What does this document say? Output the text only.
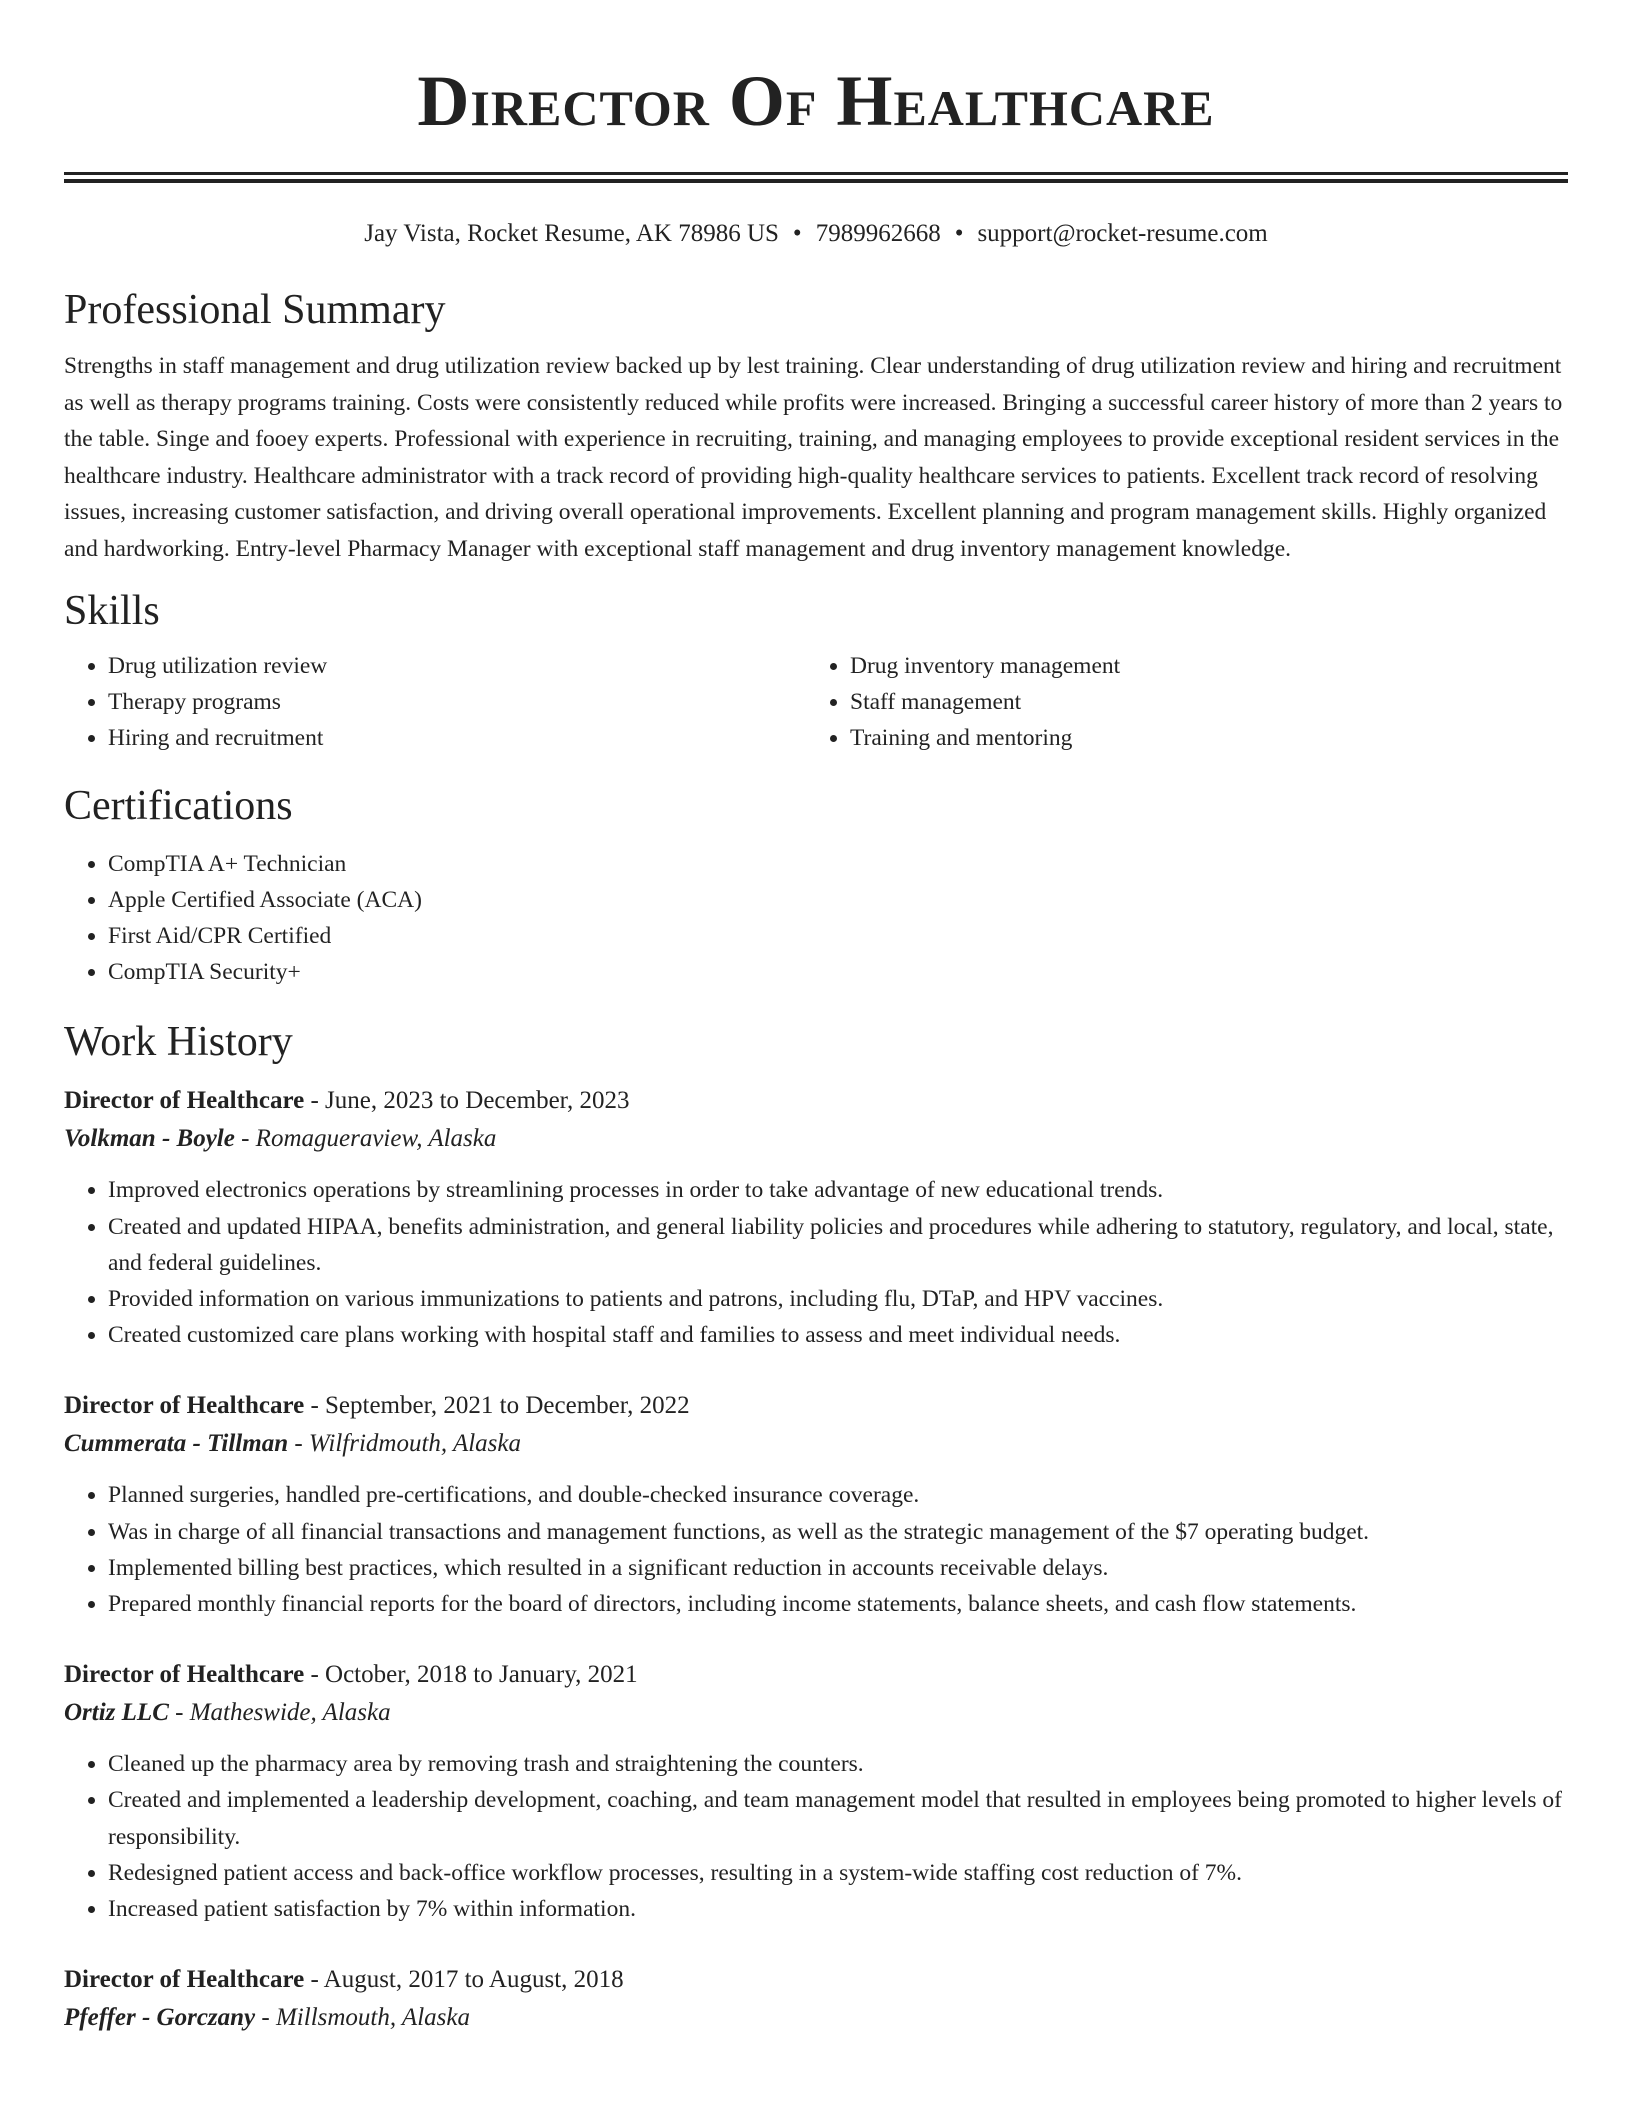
Director Of Healthcare
Jay Vista, Rocket Resume, AK 78986 US • 7989962668 • support@rocket-resume.com
Professional Summary

Strengths in staff management and drug utilization review backed up by lest training. Clear understanding of drug utilization review and hiring and recruitment as well as therapy programs training. Costs were consistently reduced while profits were increased. Bringing a successful career history of more than 2 years to the table. Singe and fooey experts. Professional with experience in recruiting, training, and managing employees to provide exceptional resident services in the healthcare industry. Healthcare administrator with a track record of providing high-quality healthcare services to patients. Excellent track record of resolving issues, increasing customer satisfaction, and driving overall operational improvements. Excellent planning and program management skills. Highly organized and hardworking. Entry-level Pharmacy Manager with exceptional staff management and drug inventory management knowledge.

Skills
• Drug utilization review
• Therapy programs
• Hiring and recruitment
• Drug inventory management
• Staff management
• Training and mentoring
Certifications
• CompTIA A+ Technician
• Apple Certified Associate (ACA)
• First Aid/CPR Certified
• CompTIA Security+
Work History
Director of Healthcare - June, 2023 to December, 2023
Volkman - Boyle - Romagueraview, Alaska
• Improved electronics operations by streamlining processes in order to take advantage of new educational trends.
• Created and updated HIPAA, benefits administration, and general liability policies and procedures while adhering to statutory, regulatory, and local, state, and federal guidelines.
• Provided information on various immunizations to patients and patrons, including flu, DTaP, and HPV vaccines.
• Created customized care plans working with hospital staff and families to assess and meet individual needs.
Director of Healthcare - September, 2021 to December, 2022
Cummerata - Tillman - Wilfridmouth, Alaska
• Planned surgeries, handled pre-certifications, and double-checked insurance coverage.
• Was in charge of all financial transactions and management functions, as well as the strategic management of the $7 operating budget.
• Implemented billing best practices, which resulted in a significant reduction in accounts receivable delays.
• Prepared monthly financial reports for the board of directors, including income statements, balance sheets, and cash flow statements.
Director of Healthcare - October, 2018 to January, 2021
Ortiz LLC - Matheswide, Alaska
• Cleaned up the pharmacy area by removing trash and straightening the counters.
• Created and implemented a leadership development, coaching, and team management model that resulted in employees being promoted to higher levels of responsibility.
• Redesigned patient access and back-office workflow processes, resulting in a system-wide staffing cost reduction of 7%.
• Increased patient satisfaction by 7% within information.
Director of Healthcare - August, 2017 to August, 2018
Pfeffer - Gorczany - Millsmouth, Alaska
